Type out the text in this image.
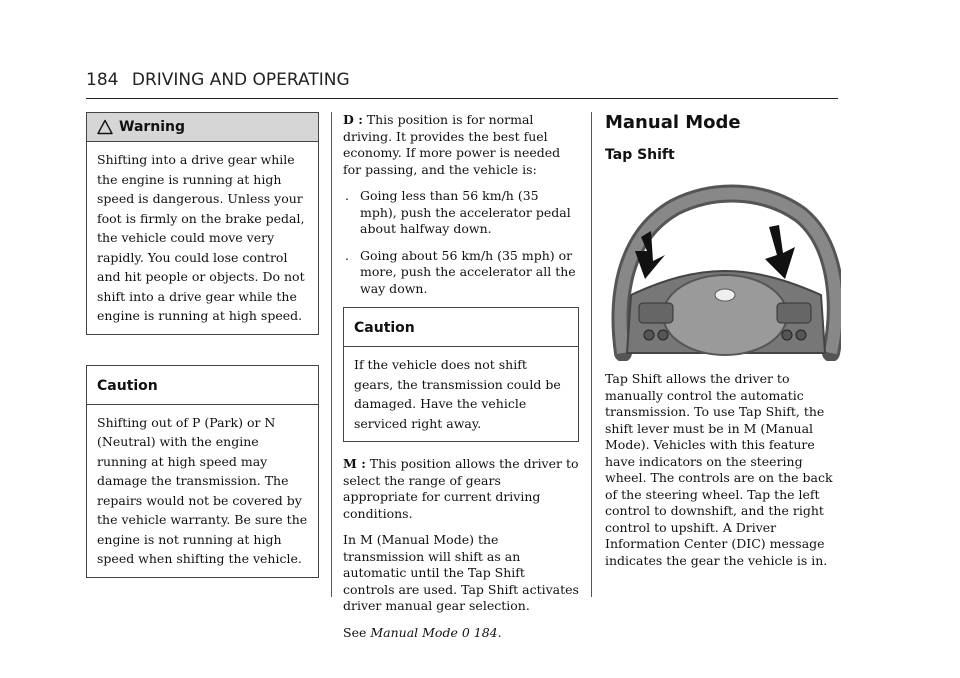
184 DRIVING AND OPERATING
Warning
Shifting into a drive gear while the engine is running at high speed is dangerous. Unless your foot is firmly on the brake pedal, the vehicle could move very rapidly. You could lose control and hit people or objects. Do not shift into a drive gear while the engine is running at high speed.
Caution
Shifting out of P (Park) or N (Neutral) with the engine running at high speed may damage the transmission. The repairs would not be covered by the vehicle warranty. Be sure the engine is not running at high speed when shifting the vehicle.

D : This position is for normal driving. It provides the best fuel economy. If more power is needed for passing, and the vehicle is:

. Going less than 56 km/h (35 mph), push the accelerator pedal about halfway down.
. Going about 56 km/h (35 mph) or more, push the accelerator all the way down.
Caution
If the vehicle does not shift gears, the transmission could be damaged. Have the vehicle serviced right away.

M : This position allows the driver to select the range of gears appropriate for current driving conditions.

In M (Manual Mode) the transmission will shift as an automatic until the Tap Shift controls are used. Tap Shift activates driver manual gear selection.

See Manual Mode 0 184.

Manual Mode
Tap Shift

Tap Shift allows the driver to manually control the automatic transmission. To use Tap Shift, the shift lever must be in M (Manual Mode). Vehicles with this feature have indicators on the steering wheel. The controls are on the back of the steering wheel. Tap the left control to downshift, and the right control to upshift. A Driver Information Center (DIC) message indicates the gear the vehicle is in.
